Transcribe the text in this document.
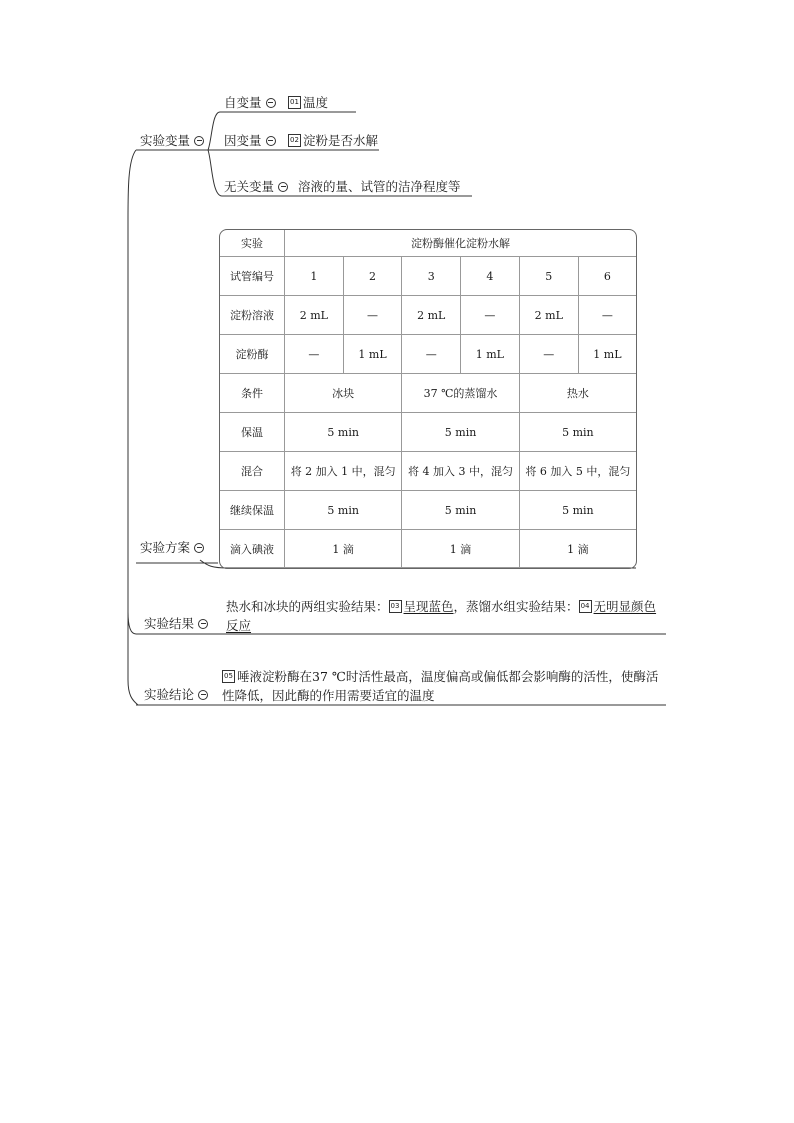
实验变量
自变量	01 温度
因变量	02 淀粉是否水解
无关变量	溶液的量、试管的洁净程度等
实验	淀粉酶催化淀粉水解					
试管编号	1	2	3	4	5	6
淀粉溶液	2 mL	—	2 mL	—	2 mL	—
淀粉酶	—	1 mL	—	1 mL	—	1 mL
条件	冰块		37 ℃的蒸馏水		热水	
保温	5 min		5 min		5 min	
混合	将 2 加入 1 中，混匀		将 4 加入 3 中，混匀		将 6 加入 5 中，混匀	
继续保温	5 min		5 min		5 min	
滴入碘液	1 滴		1 滴		1 滴	
实验方案
实验结果
热水和冰块的两组实验结果： 03 呈现蓝色，蒸馏水组实验结果： 04 无明显颜色反应
实验结论
05 唾液淀粉酶在37 ℃时活性最高，温度偏高或偏低都会影响酶的活性，使酶活性降低，因此酶的作用需要适宜的温度
